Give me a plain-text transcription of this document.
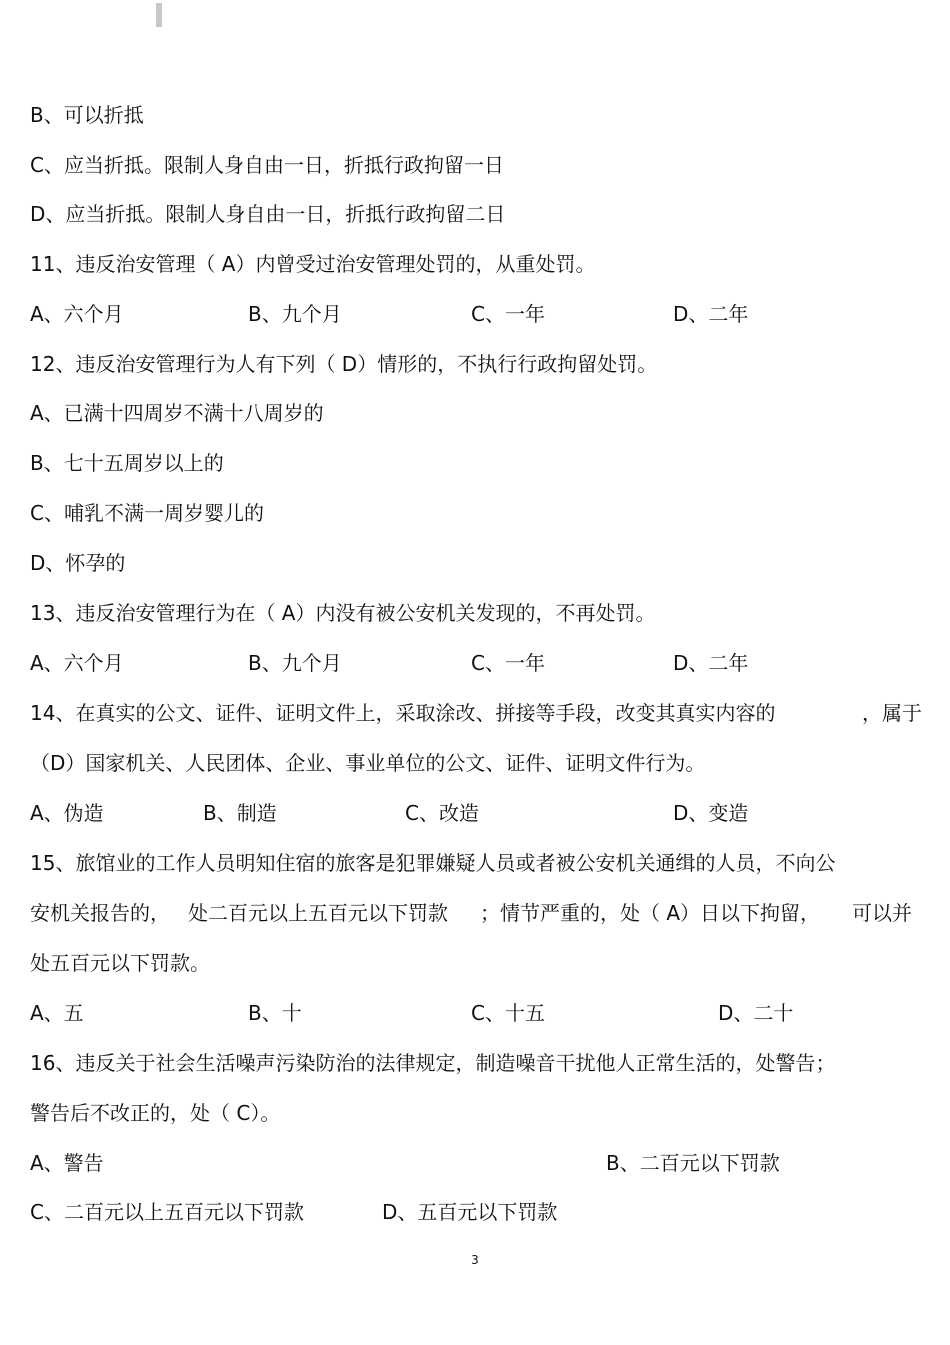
B、可以折抵
C、应当折抵。限制人身自由一日，折抵行政拘留一日
D、应当折抵。限制人身自由一日，折抵行政拘留二日
11、违反治安管理（ A）内曾受过治安管理处罚的，从重处罚。
A、六个月	B、九个月	C、一年	D、二年
12、违反治安管理行为人有下列（ D）情形的，不执行行政拘留处罚。
A、已满十四周岁不满十八周岁的
B、七十五周岁以上的
C、哺乳不满一周岁婴儿的
D、怀孕的
13、违反治安管理行为在（ A）内没有被公安机关发现的，不再处罚。
A、六个月	B、九个月	C、一年	D、二年
14、在真实的公文、证件、证明文件上，采取涂改、拼接等手段，改变其真实内容的	，属于
（D）国家机关、人民团体、企业、事业单位的公文、证件、证明文件行为。
A、伪造	B、制造	C、改造	D、变造
15、旅馆业的工作人员明知住宿的旅客是犯罪嫌疑人员或者被公安机关通缉的人员，不向公
安机关报告的， 处二百元以上五百元以下罚款 ；情节严重的，处（ A）日以下拘留， 可以并
处五百元以下罚款。
A、五	B、十	C、十五	D、二十
16、违反关于社会生活噪声污染防治的法律规定，制造噪音干扰他人正常生活的，处警告；
警告后不改正的，处（ C）。
A、警告	B、二百元以下罚款
C、二百元以上五百元以下罚款	D、五百元以下罚款
3
